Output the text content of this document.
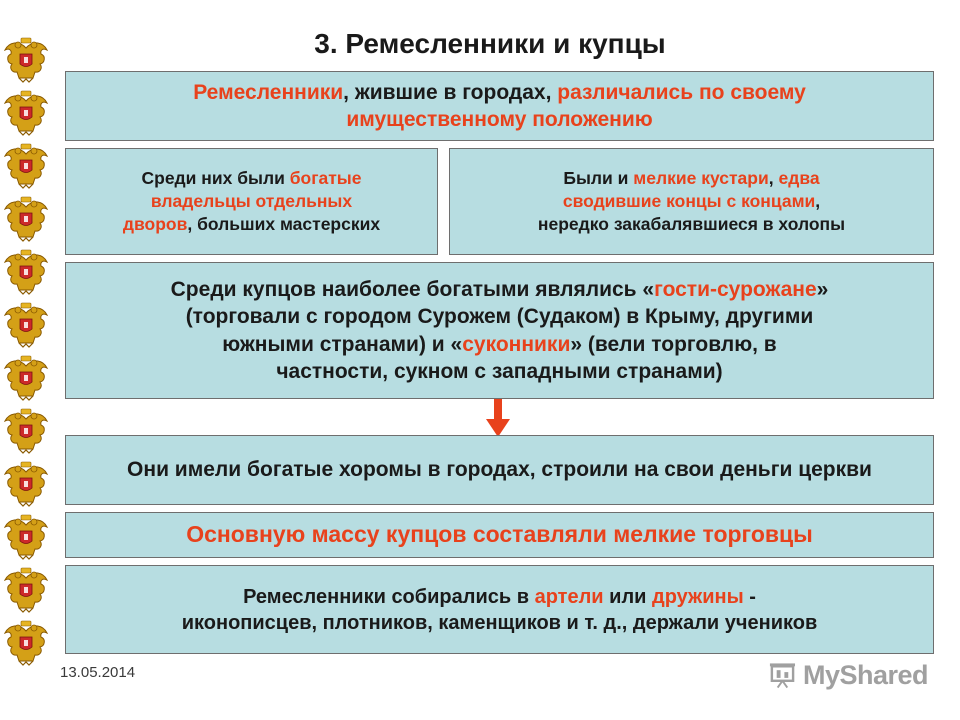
3. Ремесленники и купцы
Ремесленники, жившие в городах, различались по своему
имущественному положению
Среди них были богатые
владельцы отдельных
дворов, больших мастерских
Были и мелкие кустари, едва
сводившие концы с концами,
нередко закабалявшиеся в холопы
Среди купцов наиболее богатыми являлись «гости-сурожане»
(торговали с городом Сурожем (Судаком) в Крыму, другими
южными странами) и «суконники» (вели торговлю, в
частности, сукном с западными странами)
Они имели богатые хоромы в городах, строили на свои деньги церкви
Основную массу купцов составляли мелкие торговцы
Ремесленники собирались в артели или дружины -
иконописцев, плотников, каменщиков и т. д., держали учеников
13.05.2014	MyShared
